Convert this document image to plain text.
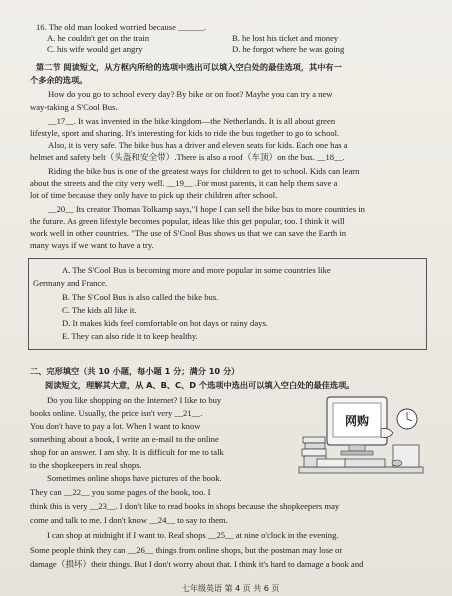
16. The old man looked worried because ______.
A. he couldn't get on the train	B. he lost his ticket and money
C. his wife would get angry	D. he forgot where he was going
第二节 阅读短文，从方框内所给的选项中选出可以填入空白处的最佳选项，其中有一
个多余的选项。
How do you go to school every day? By bike or on foot? Maybe you can try a new
way-taking a S'Cool Bus.
__17__. It was invented in the bike kingdom—the Netherlands. It is all about green
lifestyle, sport and sharing. It's interesting for kids to ride the bus together to go to school.
Also, it is very safe. The bike bus has a driver and eleven seats for kids. Each one has a
helmet and safety belt（头盔和安全带）.There is also a roof（车顶）on the bus. __18__.
Riding the bike bus is one of the greatest ways for children to get to school. Kids can learn
about the streets and the city very well. __19__ .For most parents, it can help them save a
lot of time because they only have to pick up their children after school.
__20__ Its creator Thomas Tolkamp says,"I hope I can sell the bike bus to more countries in
the future. As green lifestyle becomes popular, ideas like this get popular, too. I think it will
work well in other countries. "The use of S'Cool Bus shows us that we can save the Earth in
many ways if we want to have a try.
A. The S'Cool Bus is becoming more and more popular in some countries like
Germany and France.
B. The S'Cool Bus is also called the bike bus.
C. The kids all like it.
D. It makes kids feel comfortable on hot days or rainy days.
E. They can also ride it to keep healthy.
二、完形填空（共 10 小题，每小题 1 分；满分 10 分）
阅读短文，理解其大意，从 A、B、C、D 个选项中选出可以填入空白处的最佳选项。
Do you like shopping on the Internet? I like to buy
books online. Usually, the price isn't very __21__.
You don't have to pay a lot. When I want to know
something about a book, I write an e-mail to the online
shop for an answer. I am shy. It is difficult for me to talk
to the shopkeepers in real shops.
网购
Sometimes online shops have pictures of the book.
They can __22__ you some pages of the book, too. I
think this is very __23__. I don't like to read books in shops because the shopkeepers may
come and talk to me. I don't know __24__ to say to them.
I can shop at midnight if I want to. Real shops __25__ at nine o'clock in the evening.
Some people think they can __26__ things from online shops, but the postman may lose or
damage（损坏）their things. But I don't worry about that. I think it's hard to damage a book and
七年级英语 第 4 页 共 6 页
